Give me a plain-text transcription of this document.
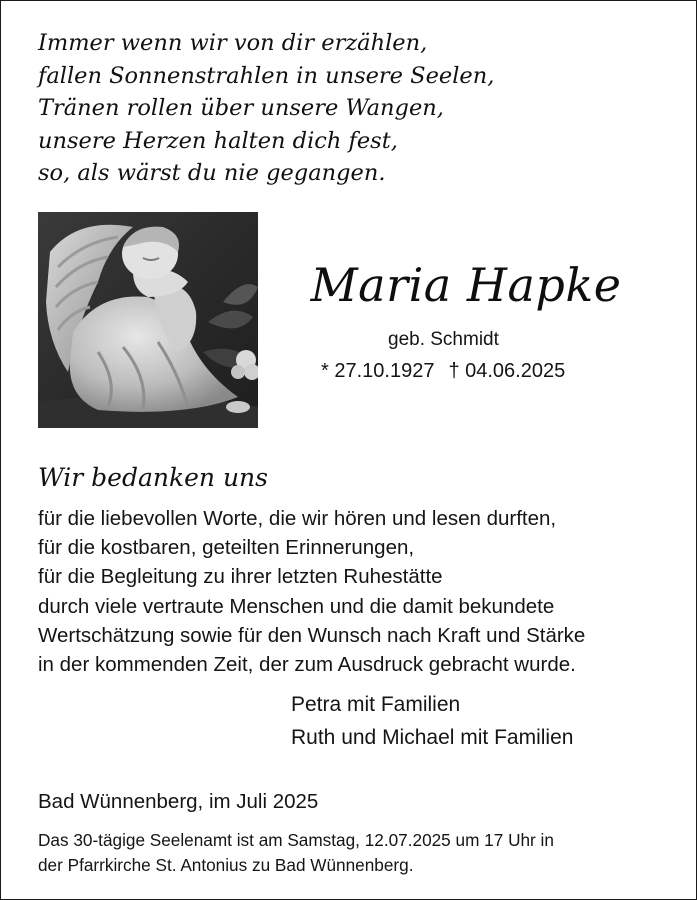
Immer wenn wir von dir erzählen,
fallen Sonnenstrahlen in unsere Seelen,
Tränen rollen über unsere Wangen,
unsere Herzen halten dich fest,
so, als wärst du nie gegangen.
Maria Hapke
geb. Schmidt
* 27.10.1927 † 04.06.2025
Wir bedanken uns
für die liebevollen Worte, die wir hören und lesen durften,
für die kostbaren, geteilten Erinnerungen,
für die Begleitung zu ihrer letzten Ruhestätte
durch viele vertraute Menschen und die damit bekundete
Wertschätzung sowie für den Wunsch nach Kraft und Stärke
in der kommenden Zeit, der zum Ausdruck gebracht wurde.
Petra mit Familien
Ruth und Michael mit Familien
Bad Wünnenberg, im Juli 2025
Das 30-tägige Seelenamt ist am Samstag, 12.07.2025 um 17 Uhr in
der Pfarrkirche St. Antonius zu Bad Wünnenberg.
